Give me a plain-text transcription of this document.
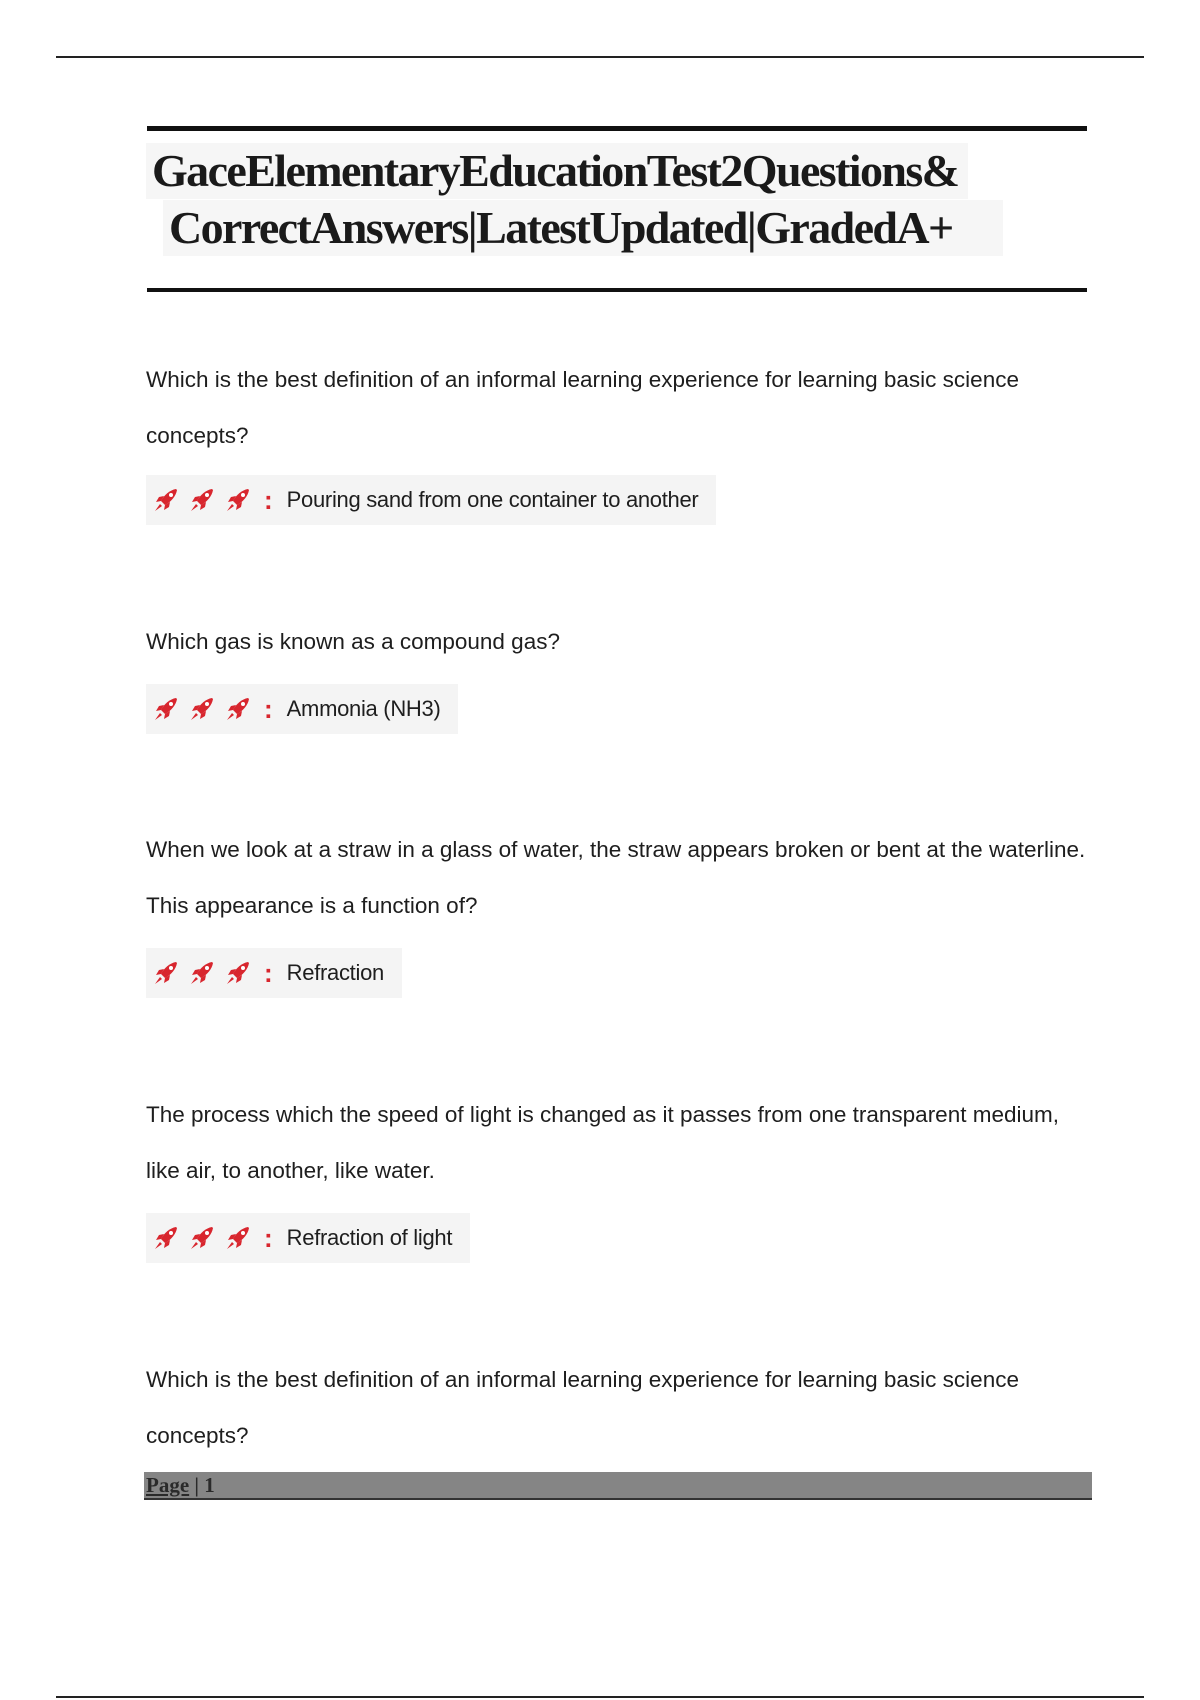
GaceElementaryEducationTest2Questions&
CorrectAnswers|LatestUpdated|GradedA+
Which is the best definition of an informal learning experience for learning basic science concepts?
: Pouring sand from one container to another
Which gas is known as a compound gas?
: Ammonia (NH3)
When we look at a straw in a glass of water, the straw appears broken or bent at the waterline. This appearance is a function of?
: Refraction
The process which the speed of light is changed as it passes from one transparent medium, like air, to another, like water.
: Refraction of light
Which is the best definition of an informal learning experience for learning basic science concepts?
Page | 1
